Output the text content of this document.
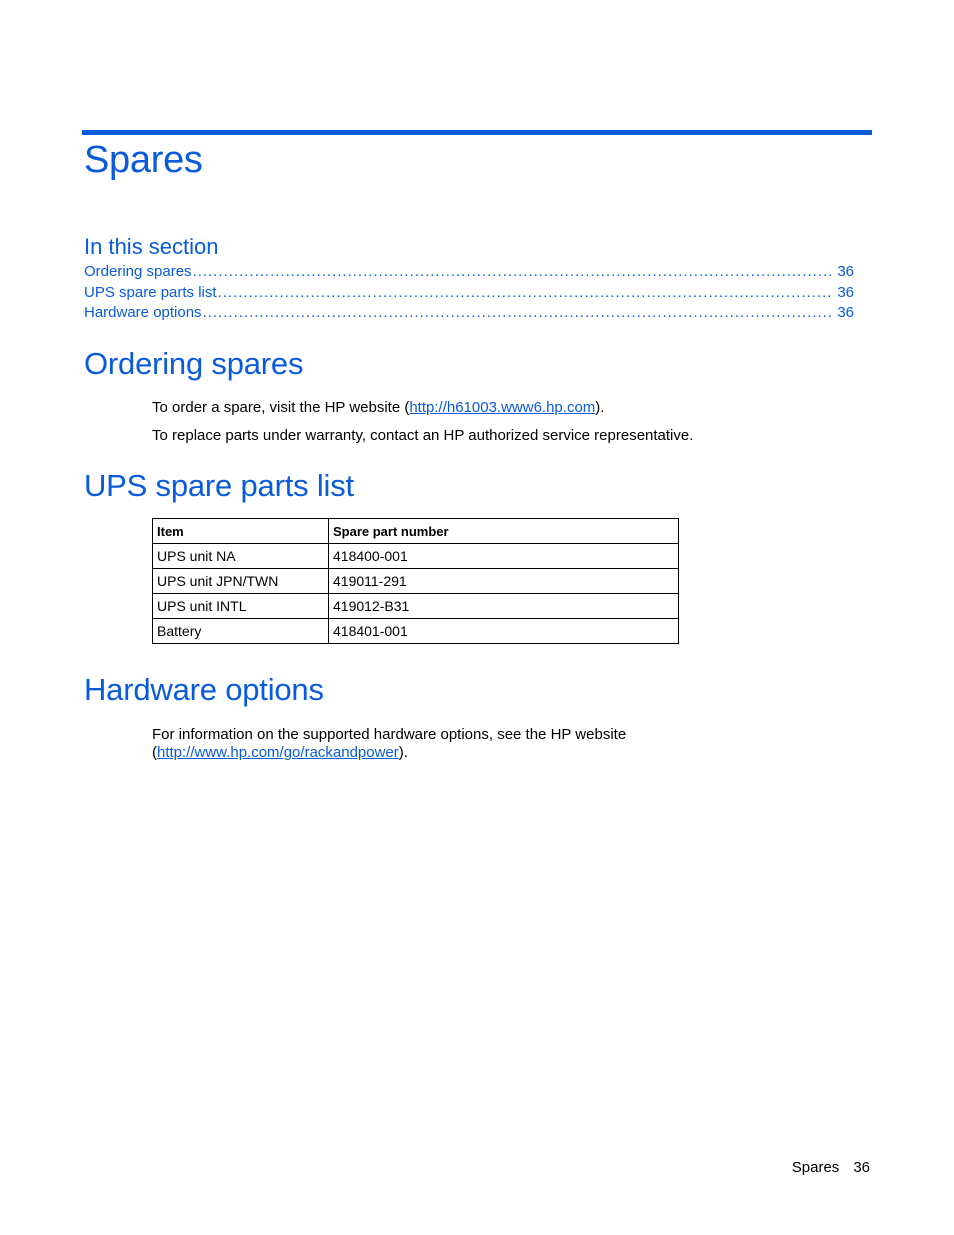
Spares
In this section
Ordering spares .....	36
UPS spare parts list .....	36
Hardware options .....	36
Ordering spares

To order a spare, visit the HP website (http://h61003.www6.hp.com).

To replace parts under warranty, contact an HP authorized service representative.

UPS spare parts list
Item	Spare part number
UPS unit NA	418400-001
UPS unit JPN/TWN	419011-291
UPS unit INTL	419012-B31
Battery	418401-001
Hardware options

For information on the supported hardware options, see the HP website
(http://www.hp.com/go/rackandpower).

Spares 36
